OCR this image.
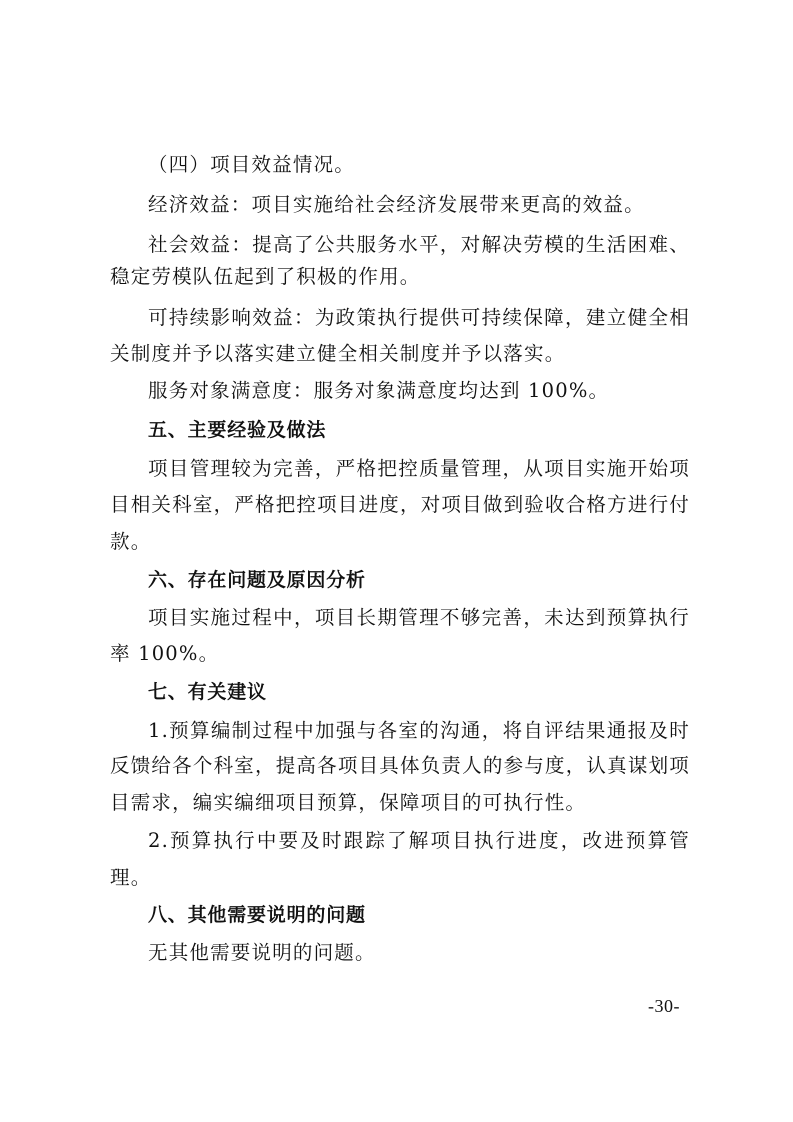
（四）项目效益情况。
经济效益：项目实施给社会经济发展带来更高的效益。
社会效益：提高了公共服务水平，对解决劳模的生活困难、
稳定劳模队伍起到了积极的作用。
可持续影响效益：为政策执行提供可持续保障，建立健全相
关制度并予以落实建立健全相关制度并予以落实。
服务对象满意度：服务对象满意度均达到 100%。
五、主要经验及做法
项目管理较为完善，严格把控质量管理，从项目实施开始项
目相关科室，严格把控项目进度，对项目做到验收合格方进行付
款。
六、存在问题及原因分析
项目实施过程中，项目长期管理不够完善，未达到预算执行
率 100%。
七、有关建议
1.预算编制过程中加强与各室的沟通，将自评结果通报及时
反馈给各个科室，提高各项目具体负责人的参与度，认真谋划项
目需求，编实编细项目预算，保障项目的可执行性。
2.预算执行中要及时跟踪了解项目执行进度，改进预算管
理。
八、其他需要说明的问题
无其他需要说明的问题。
-30-
